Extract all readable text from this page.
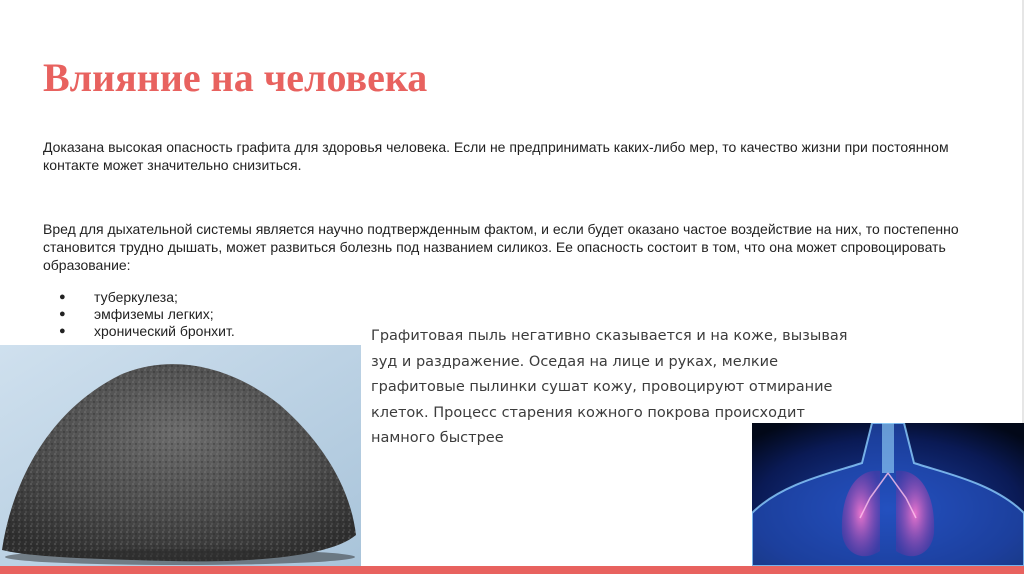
Влияние на человека

Доказана высокая опасность графита для здоровья человека. Если не предпринимать каких-либо мер, то качество жизни при постоянном контакте может значительно снизиться.

Вред для дыхательной системы является научно подтвержденным фактом, и если будет оказано частое воздействие на них, то постепенно становится трудно дышать, может развиться болезнь под названием силикоз. Ее опасность состоит в том, что она может спровоцировать образование:

● туберкулеза;
● эмфиземы легких;
● хронический бронхит.	Графитовая пыль негативно сказывается и на коже, вызывая зуд и раздражение. Оседая на лице и руках, мелкие графитовые пылинки сушат кожу, провоцируют отмирание клеток. Процесс старения кожного покрова происходит намного быстрее
